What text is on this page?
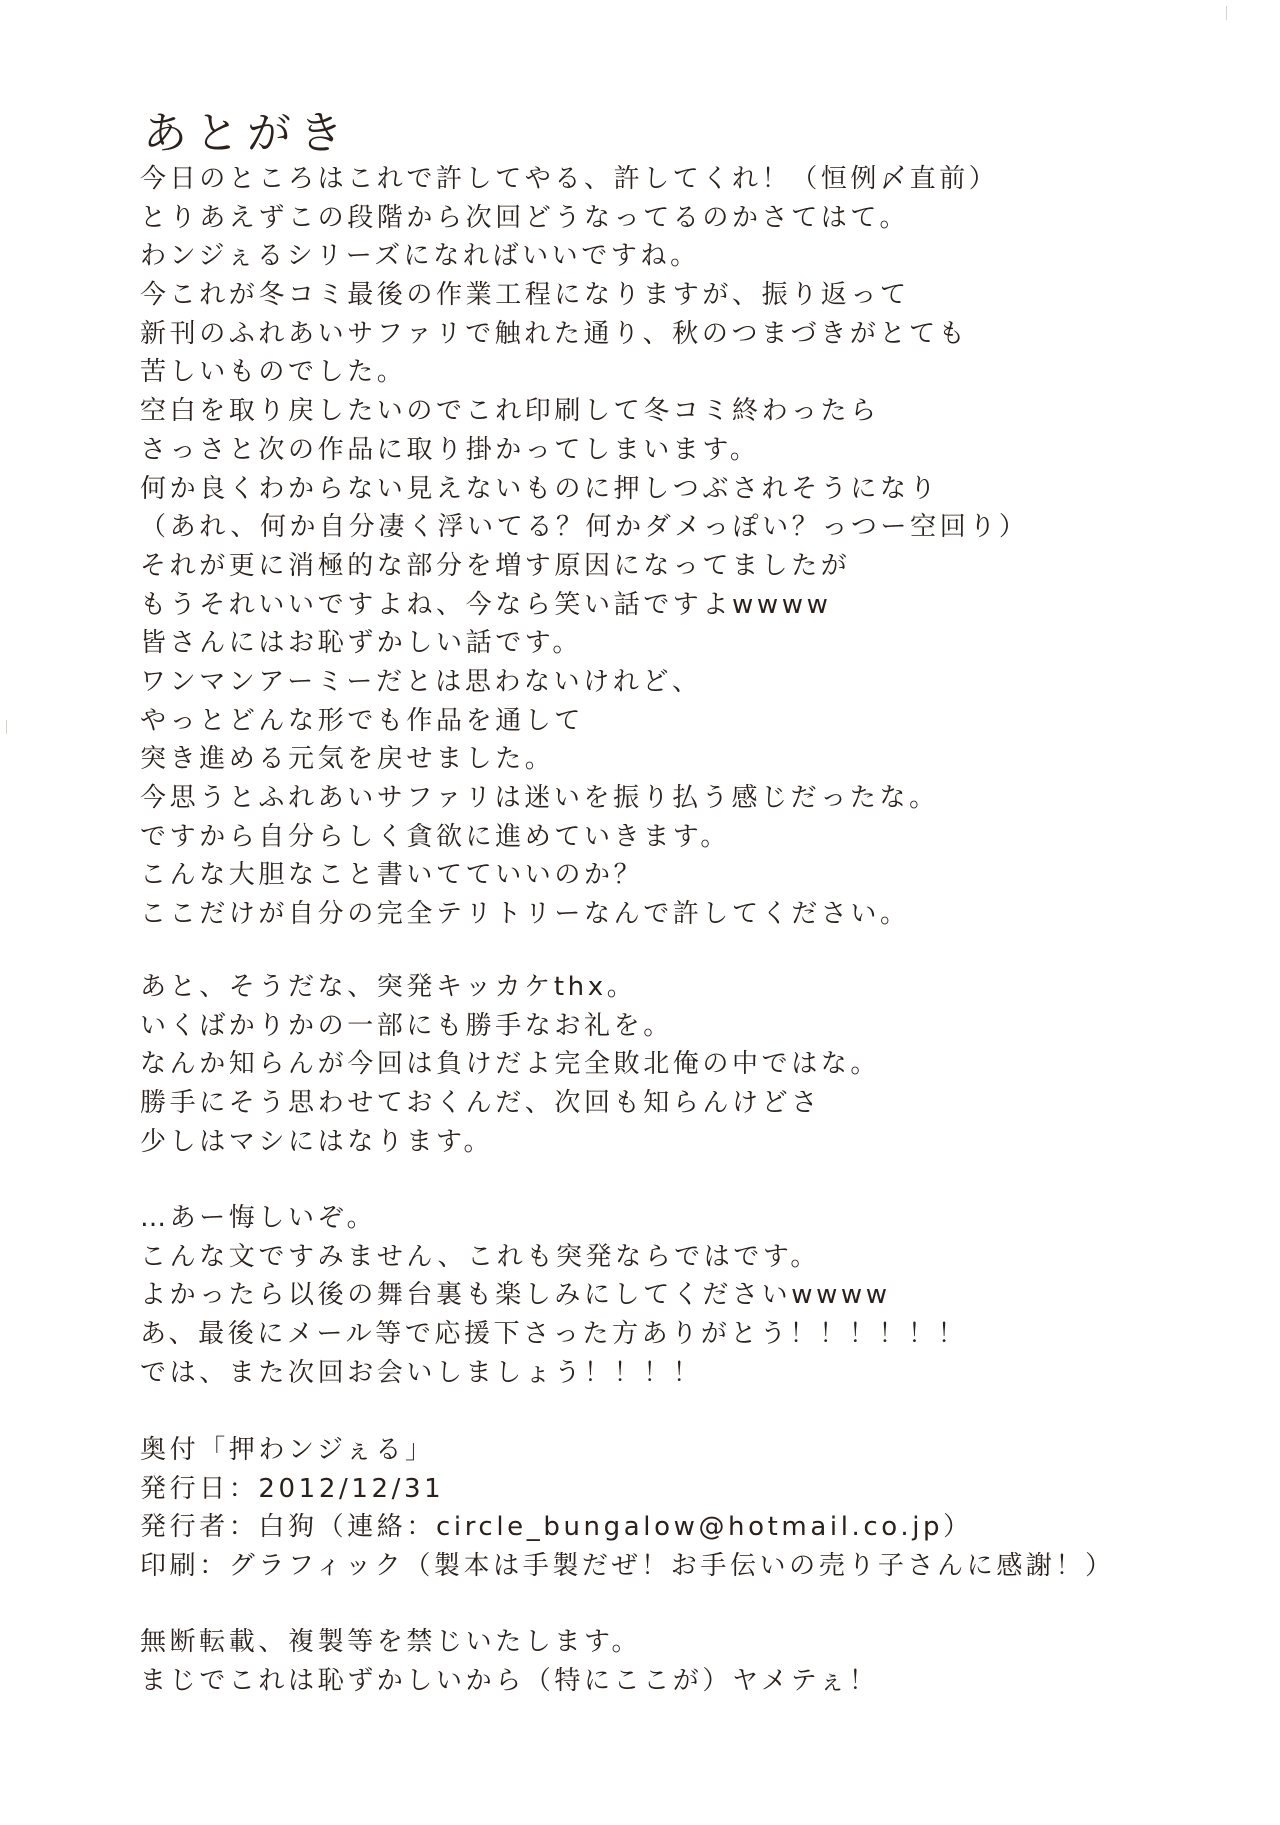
あとがき
今日のところはこれで許してやる、許してくれ！（恒例〆直前）
とりあえずこの段階から次回どうなってるのかさてはて。
わンジぇるシリーズになればいいですね。
今これが冬コミ最後の作業工程になりますが、振り返って
新刊のふれあいサファリで触れた通り、秋のつまづきがとても
苦しいものでした。
空白を取り戻したいのでこれ印刷して冬コミ終わったら
さっさと次の作品に取り掛かってしまいます。
何か良くわからない見えないものに押しつぶされそうになり
（あれ、何か自分凄く浮いてる？何かダメっぽい？っつー空回り）
それが更に消極的な部分を増す原因になってましたが
もうそれいいですよね、今なら笑い話ですよwwww
皆さんにはお恥ずかしい話です。
ワンマンアーミーだとは思わないけれど、
やっとどんな形でも作品を通して
突き進める元気を戻せました。
今思うとふれあいサファリは迷いを振り払う感じだったな。
ですから自分らしく貪欲に進めていきます。
こんな大胆なこと書いてていいのか？
ここだけが自分の完全テリトリーなんで許してください。
あと、そうだな、突発キッカケthx。
いくばかりかの一部にも勝手なお礼を。
なんか知らんが今回は負けだよ完全敗北俺の中ではな。
勝手にそう思わせておくんだ、次回も知らんけどさ
少しはマシにはなります。
…あー悔しいぞ。
こんな文ですみません、これも突発ならではです。
よかったら以後の舞台裏も楽しみにしてくださいwwww
あ、最後にメール等で応援下さった方ありがとう！！！！！！
では、また次回お会いしましょう！！！！
奥付「押わンジぇる」
発行日：2012/12/31
発行者：白狗（連絡：circle_bungalow@hotmail.co.jp）
印刷：グラフィック（製本は手製だぜ！お手伝いの売り子さんに感謝！）
無断転載、複製等を禁じいたします。
まじでこれは恥ずかしいから（特にここが）ヤメテぇ！
